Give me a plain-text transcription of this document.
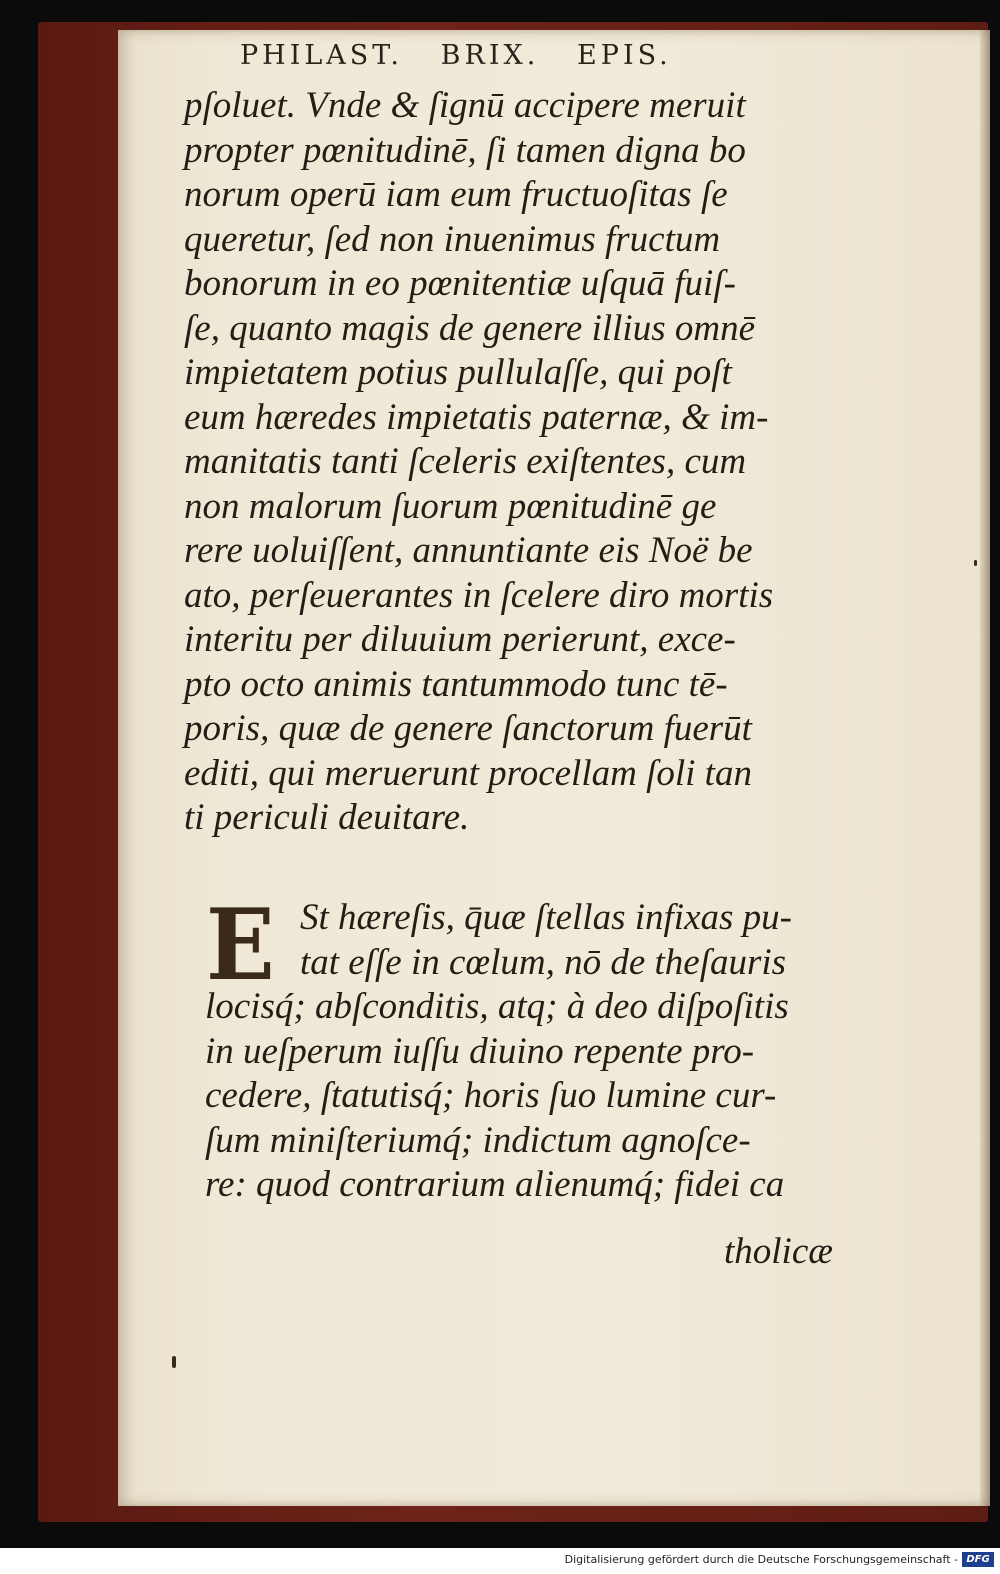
PHILAST.   BRIX.   EPIS.
pſoluet. Vnde & ſignū accipere meruit
propter pœnitudinē, ſi tamen digna bo
norum operū iam eum fructuoſitas ſe
queretur, ſed non inuenimus fructum
bonorum in eo pœnitentiæ uſquā fuiſ-
ſe, quanto magis de genere illius omnē
impietatem potius pullulaſſe, qui poſt
eum hæredes impietatis paternæ, & im-
manitatis tanti ſceleris exiſtentes, cum
non malorum ſuorum pœnitudinē ge
rere uoluiſſent, annuntiante eis Noë be
ato, perſeuerantes in ſcelere diro mortis
interitu per diluuium perierunt, exce-
pto octo animis tantummodo tunc tē-
poris, quæ de genere ſanctorum fuerūt
editi, qui meruerunt procellam ſoli tan
ti periculi deuitare.
E St hæreſis, q̄uæ ſtellas infixas pu-
tat eſſe in cœlum, nō de theſauris
locisq́; abſconditis, atq; à deo diſpoſitis
in ueſperum iuſſu diuino repente pro-
cedere, ſtatutisq́; horis ſuo lumine cur-
ſum miniſteriumq́; indictum agnoſce-
re: quod contrarium alienumq́; fidei ca
tholicæ
Digitalisierung gefördert durch die Deutsche Forschungsgemeinschaft - DFG
